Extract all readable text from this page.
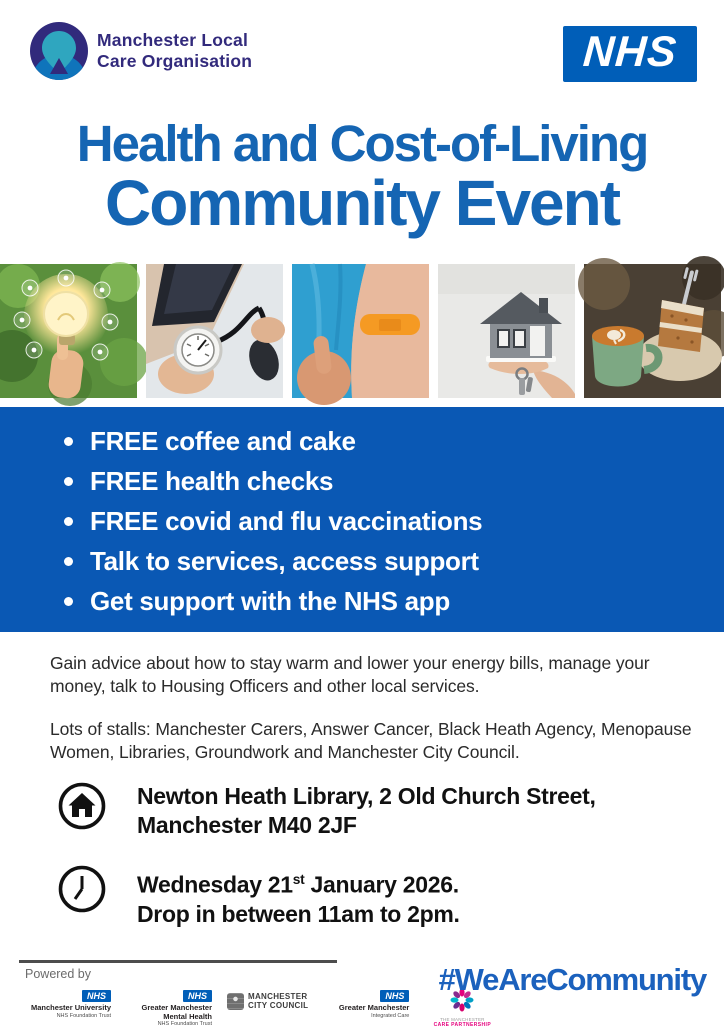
Manchester Local
Care Organisation	NHS
Health and Cost-of-Living
Community Event
FREE coffee and cake
FREE health checks
FREE covid and flu vaccinations
Talk to services, access support
Get support with the NHS app

Gain advice about how to stay warm and lower your energy bills, manage your money, talk to Housing Officers and other local services.

Lots of stalls: Manchester Carers, Answer Cancer, Black Heath Agency, Menopause Women, Libraries, Groundwork and Manchester City Council.

Newton Heath Library, 2 Old Church Street,
Manchester M40 2JF
Wednesday 21st January 2026.
Drop in between 11am to 2pm.
Powered by
NHS
Manchester University
NHS Foundation Trust
NHS
Greater Manchester Mental Health
NHS Foundation Trust
MANCHESTER
CITY COUNCIL
NHS
Greater Manchester
Integrated Care
THE MANCHESTER
CARE PARTNERSHIP
#WeAreCommunity
